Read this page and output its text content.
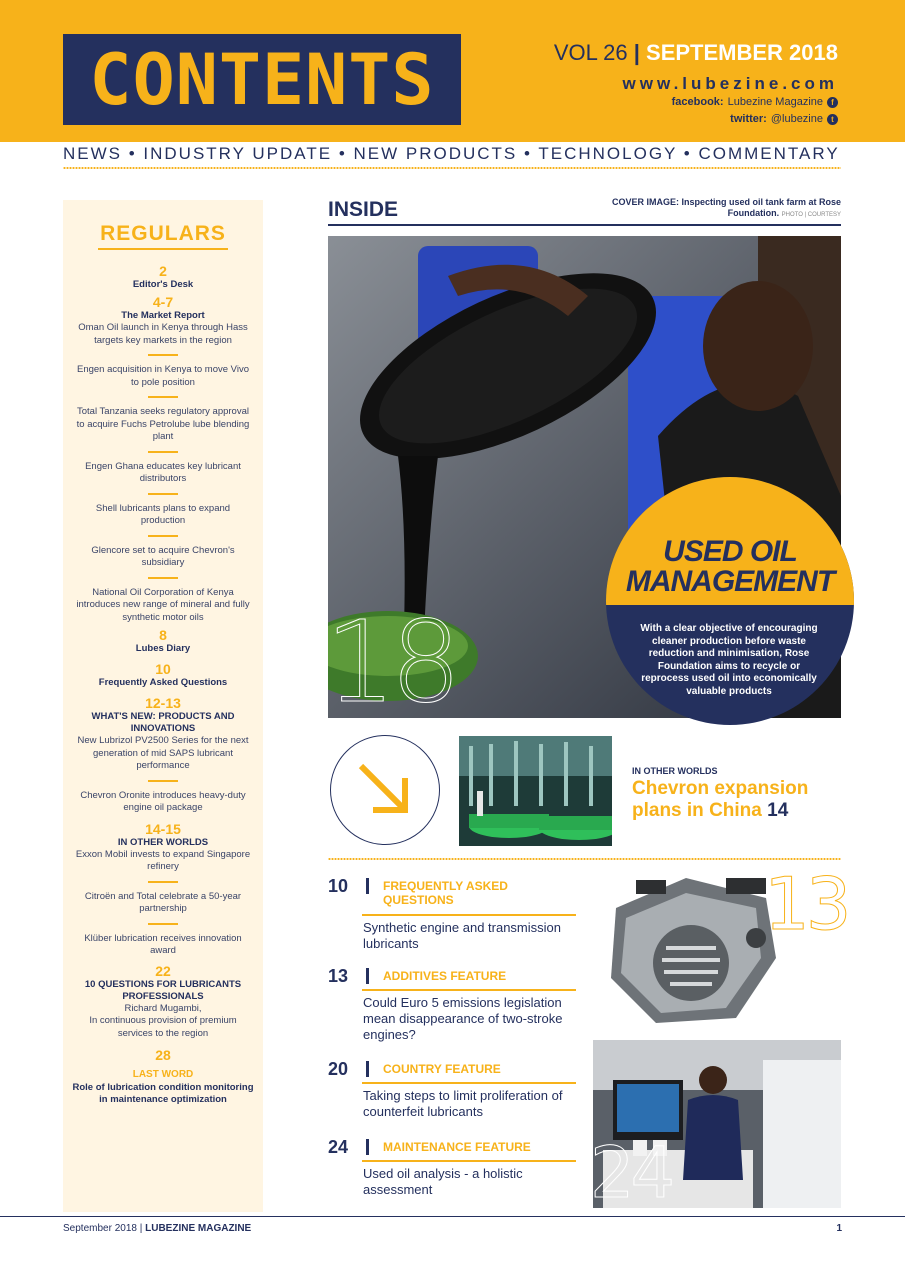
CONTENTS	VOL 26 | SEPTEMBER 2018
www.lubezine.com
facebook: Lubezine Magazine	f
twitter: @lubezine	t
NEWS • INDUSTRY UPDATE • NEW PRODUCTS • TECHNOLOGY • COMMENTARY
REGULARS
2
Editor's Desk
4-7
The Market Report
Oman Oil launch in Kenya through Hass targets key markets in the region
Engen acquisition in Kenya to move Vivo to pole position
Total Tanzania seeks regulatory approval to acquire Fuchs Petrolube lube blending plant
Engen Ghana educates key lubricant distributors
Shell lubricants plans to expand production
Glencore set to acquire Chevron's subsidiary
National Oil Corporation of Kenya introduces new range of mineral and fully synthetic motor oils
8
Lubes Diary
10
Frequently Asked Questions
12-13
WHAT'S NEW: PRODUCTS AND INNOVATIONS
New Lubrizol PV2500 Series for the next generation of mid SAPS lubricant performance
Chevron Oronite introduces heavy-duty engine oil package
14-15
IN OTHER WORLDS
Exxon Mobil invests to expand Singapore refinery
Citroën and Total celebrate a 50-year partnership
Klüber lubrication receives innovation award
22
10 QUESTIONS FOR LUBRICANTS PROFESSIONALS
Richard Mugambi,
In continuous provision of premium services to the region
28
LAST WORD
Role of lubrication condition monitoring in maintenance optimization
INSIDE	COVER IMAGE: Inspecting used oil tank farm at Rose Foundation. PHOTO | COURTESY
18
USED OIL
MANAGEMENT
With a clear objective of encouraging cleaner production before waste reduction and minimisation, Rose Foundation aims to recycle or reprocess used oil into economically valuable products
IN OTHER WORLDS
Chevron expansion plans in China 14
10	FREQUENTLY ASKED QUESTIONS
Synthetic engine and transmission lubricants
13	ADDITIVES FEATURE
Could Euro 5 emissions legislation mean disappearance of two-stroke engines?
20	COUNTRY FEATURE
Taking steps to limit proliferation of counterfeit lubricants
24	MAINTENANCE FEATURE
Used oil analysis - a holistic assessment
13
24
September 2018 | LUBEZINE MAGAZINE	1
